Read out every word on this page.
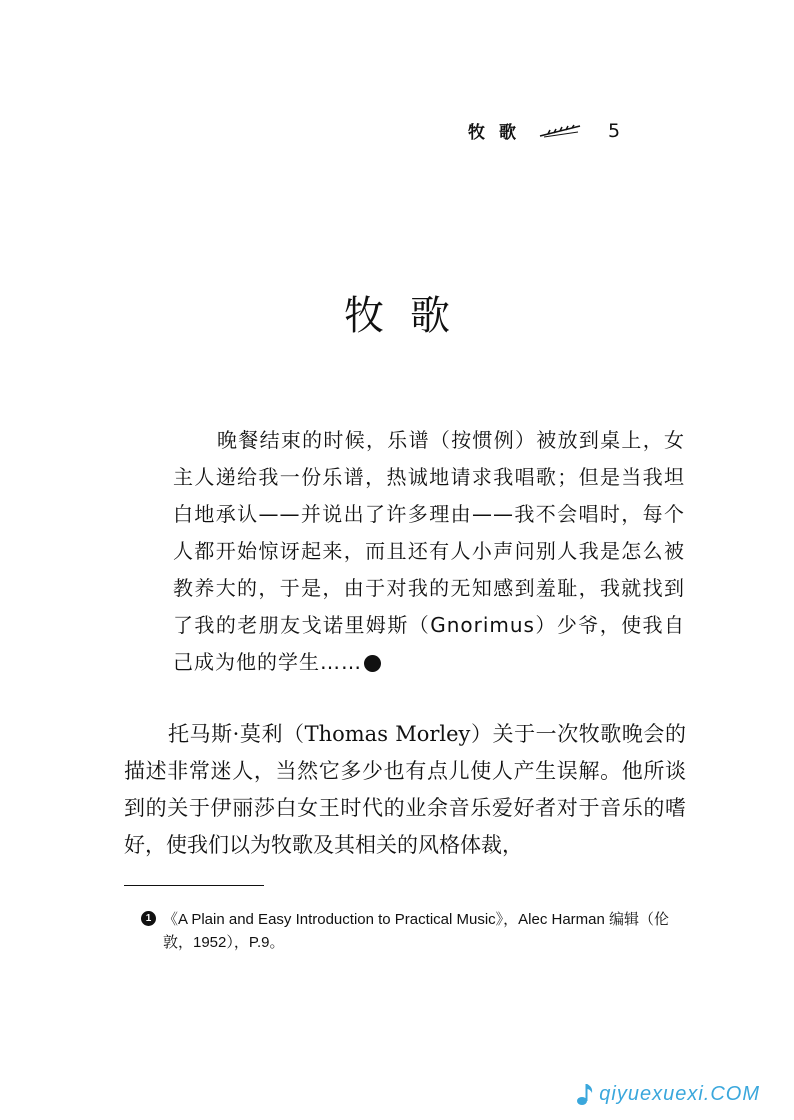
牧歌	5
牧歌

晚餐结束的时候，乐谱（按惯例）被放到桌上，女主人递给我一份乐谱，热诚地请求我唱歌；但是当我坦白地承认——并说出了许多理由——我不会唱时，每个人都开始惊讶起来，而且还有人小声问别人我是怎么被教养大的，于是，由于对我的无知感到羞耻，我就找到了我的老朋友戈诺里姆斯（Gnorimus）少爷，使我自己成为他的学生……	1

托马斯·莫利（Thomas Morley）关于一次牧歌晚会的描述非常迷人，当然它多少也有点儿使人产生误解。他所谈到的关于伊丽莎白女王时代的业余音乐爱好者对于音乐的嗜好，使我们以为牧歌及其相关的风格体裁，

1 《A Plain and Easy Introduction to Practical Music》，Alec Harman 编辑（伦敦，1952），P.9。
qiyuexuexi.COM
